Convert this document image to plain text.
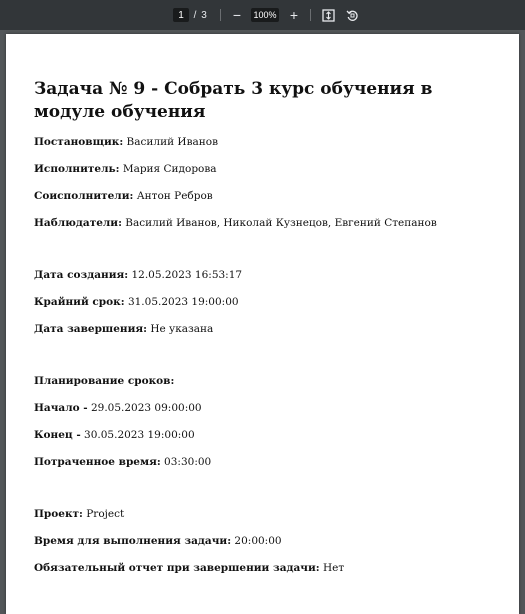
1 / 3 −	100% +
Задача № 9 - Собрать 3 курс обучения в модуле обучения
Постановщик: Василий Иванов
Исполнитель: Мария Сидорова
Соисполнители: Антон Ребров
Наблюдатели: Василий Иванов, Николай Кузнецов, Евгений Степанов
Дата создания: 12.05.2023 16:53:17
Крайний срок: 31.05.2023 19:00:00
Дата завершения: Не указана
Планирование сроков:
Начало - 29.05.2023 09:00:00
Конец - 30.05.2023 19:00:00
Потраченное время: 03:30:00
Проект: Project
Время для выполнения задачи: 20:00:00
Обязательный отчет при завершении задачи: Нет
